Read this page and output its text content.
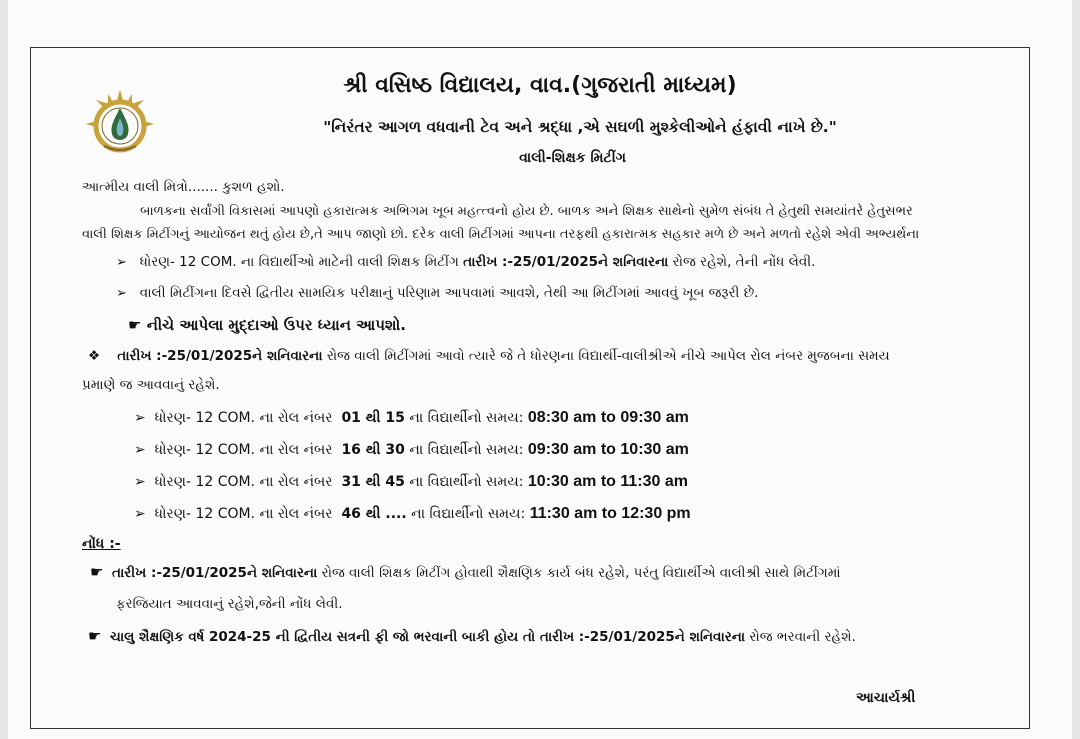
શ્રી વસિષ્ઠ વિદ્યાલય, વાવ.(ગુજરાતી માધ્યમ)
"નિરંતર આગળ વધવાની ટેવ અને શ્રદ્ધા ,એ સઘળી મુશ્કેલીઓને હંફાવી નાખે છે."
વાલી-શિક્ષક મિટીંગ
આત્મીય વાલી મિત્રો....... કુશળ હશો.
બાળકના સર્વાંગી વિકાસમાં આપણો હકારાત્મક અભિગમ ખૂબ મહત્ત્વનો હોય છે. બાળક અને શિક્ષક સાથેનો સુમેળ સંબંધ તે હેતુથી સમયાંતરે હેતુસભર
વાલી શિક્ષક મિટીંગનું આયોજન થતું હોય છે,તે આપ જાણો છો. દરેક વાલી મિટીંગમાં આપના તરફથી હકારાત્મક સહકાર મળે છે અને મળતો રહેશે એવી અભ્યર્થના
➢ ધોરણ- 12 COM. ના વિદ્યાર્થીઓ માટેની વાલી શિક્ષક મિટીંગ તારીખ :-25/01/2025ને શનિવારના રોજ રહેશે, તેની નોંધ લેવી.
➢ વાલી મિટીંગના દિવસે દ્વિતીય સામયિક પરીક્ષાનું પરિણામ આપવામાં આવશે, તેથી આ મિટીંગમાં આવવું ખૂબ જરૂરી છે.
☛ નીચે આપેલા મુદ્દાઓ ઉપર ધ્યાન આપશો.
❖ તારીખ :-25/01/2025ને શનિવારના રોજ વાલી મિટીંગમાં આવો ત્યારે જે તે ધોરણના વિદ્યાર્થી-વાલીશ્રીએ નીચે આપેલ રોલ નંબર મુજબના સમય
પ્રમાણે જ આવવાનું રહેશે.
➢ ધોરણ- 12 COM. ના રોલ નંબર 01 થી 15 ના વિદ્યાર્થીનો સમય: 08:30 am to 09:30 am
➢ ધોરણ- 12 COM. ના રોલ નંબર 16 થી 30 ના વિદ્યાર્થીનો સમય: 09:30 am to 10:30 am
➢ ધોરણ- 12 COM. ના રોલ નંબર 31 થી 45 ના વિદ્યાર્થીનો સમય: 10:30 am to 11:30 am
➢ ધોરણ- 12 COM. ના રોલ નંબર 46 થી .... ના વિદ્યાર્થીનો સમય: 11:30 am to 12:30 pm
નોંધ :-
☛ તારીખ :-25/01/2025ને શનિવારના રોજ વાલી શિક્ષક મિટીંગ હોવાથી શૈક્ષણિક કાર્ય બંધ રહેશે, પરંતુ વિદ્યાર્થીએ વાલીશ્રી સાથે મિટીંગમાં
ફરજિયાત આવવાનું રહેશે,જેની નોંધ લેવી.
☛ ચાલુ શૈક્ષણિક વર્ષ 2024-25 ની દ્વિતીય સત્રની ફી જો ભરવાની બાકી હોય તો તારીખ :-25/01/2025ને શનિવારના રોજ ભરવાની રહેશે.
આચાર્યશ્રી
